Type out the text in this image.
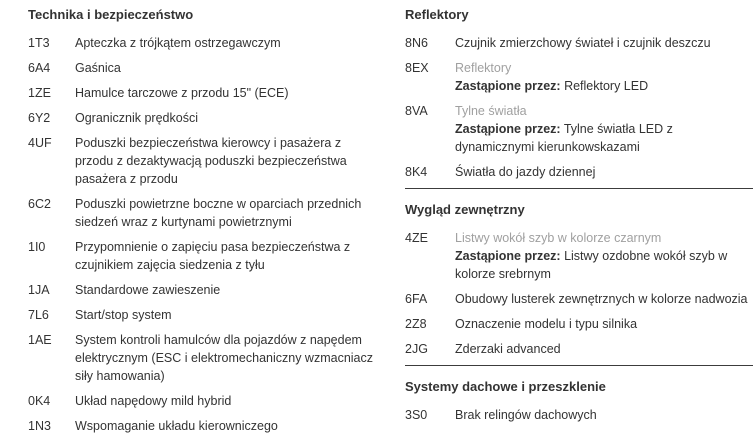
Technika i bezpieczeństwo
1T3	Apteczka z trójkątem ostrzegawczym
6A4	Gaśnica
1ZE	Hamulce tarczowe z przodu 15" (ECE)
6Y2	Ogranicznik prędkości
4UF	Poduszki bezpieczeństwa kierowcy i pasażera z przodu z dezaktywacją poduszki bezpieczeństwa pasażera z przodu
6C2	Poduszki powietrzne boczne w oparciach przednich siedzeń wraz z kurtynami powietrznymi
1I0	Przypomnienie o zapięciu pasa bezpieczeństwa z czujnikiem zajęcia siedzenia z tyłu
1JA	Standardowe zawieszenie
7L6	Start/stop system
1AE	System kontroli hamulców dla pojazdów z napędem elektrycznym (ESC i elektromechaniczny wzmacniacz siły hamowania)
0K4	Układ napędowy mild hybrid
1N3	Wspomaganie układu kierowniczego
Reflektory
8N6	Czujnik zmierzchowy świateł i czujnik deszczu
8EX	Reflektory
Zastąpione przez: Reflektory LED
8VA	Tylne światła
Zastąpione przez: Tylne światła LED z dynamicznymi kierunkowskazami
8K4	Światła do jazdy dziennej
Wygląd zewnętrzny
4ZE	Listwy wokół szyb w kolorze czarnym
Zastąpione przez: Listwy ozdobne wokół szyb w kolorze srebrnym
6FA	Obudowy lusterek zewnętrznych w kolorze nadwozia
2Z8	Oznaczenie modelu i typu silnika
2JG	Zderzaki advanced
Systemy dachowe i przeszklenie
3S0	Brak relingów dachowych
